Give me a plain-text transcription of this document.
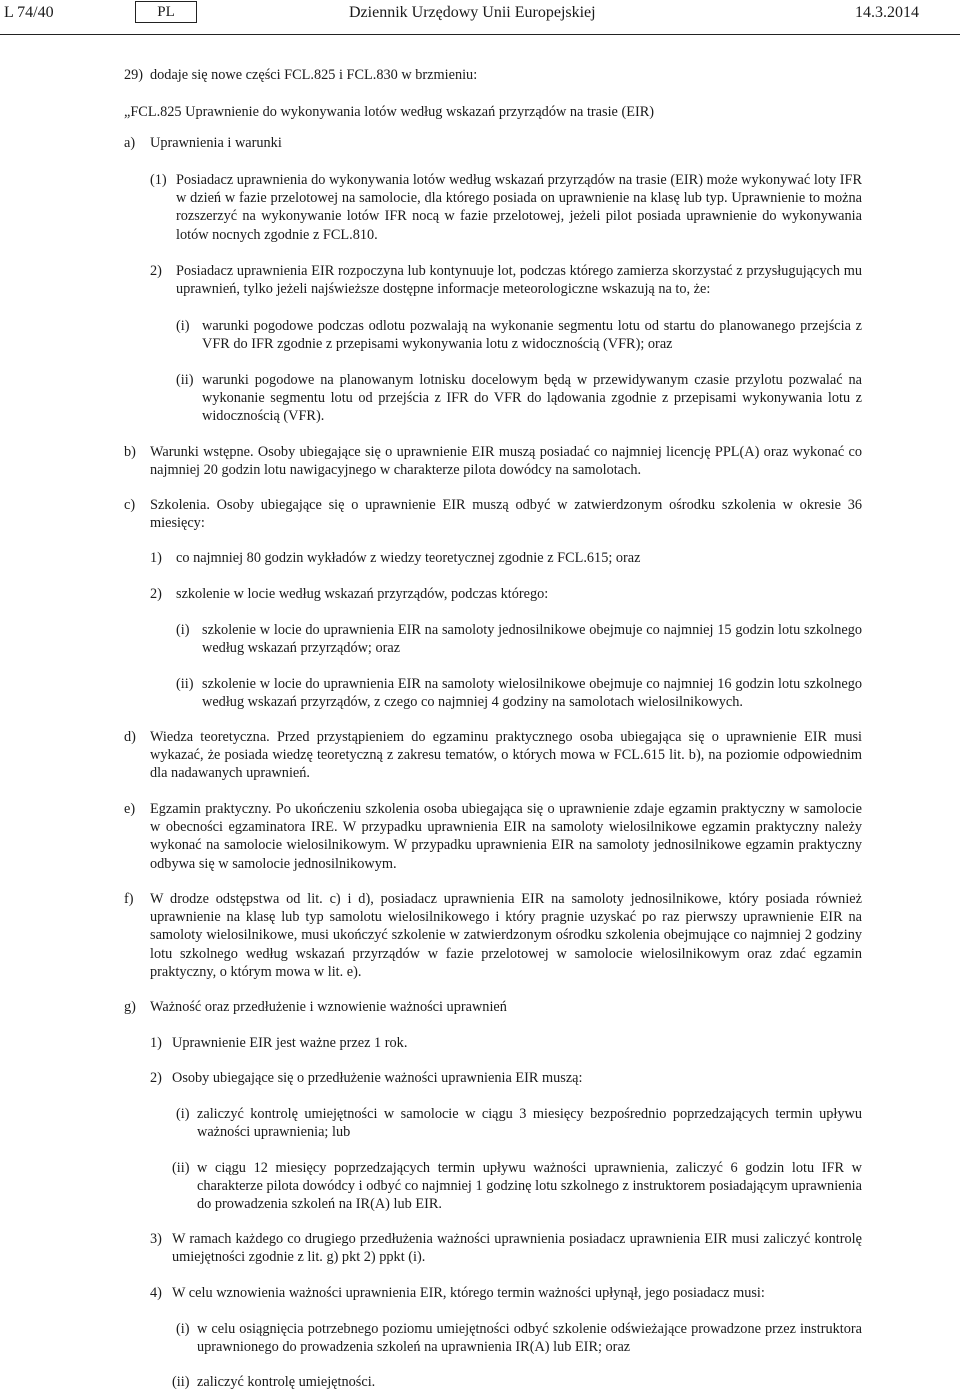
L 74/40	PL	Dziennik Urzędowy Unii Europejskiej	14.3.2014
29) dodaje się nowe części FCL.825 i FCL.830 w brzmieniu:
„FCL.825 Uprawnienie do wykonywania lotów według wskazań przyrządów na trasie (EIR)
a) Uprawnienia i warunki
(1) Posiadacz uprawnienia do wykonywania lotów według wskazań przyrządów na trasie (EIR) może wykonywać loty IFR w dzień w fazie przelotowej na samolocie, dla którego posiada on uprawnienie na klasę lub typ. Uprawnienie to można rozszerzyć na wykonywanie lotów IFR nocą w fazie przelotowej, jeżeli pilot posiada uprawnienie do wykonywania lotów nocnych zgodnie z FCL.810.
2) Posiadacz uprawnienia EIR rozpoczyna lub kontynuuje lot, podczas którego zamierza skorzystać z przysługujących mu uprawnień, tylko jeżeli najświeższe dostępne informacje meteorologiczne wskazują na to, że:
(i) warunki pogodowe podczas odlotu pozwalają na wykonanie segmentu lotu od startu do planowanego przejścia z VFR do IFR zgodnie z przepisami wykonywania lotu z widocznością (VFR); oraz
(ii) warunki pogodowe na planowanym lotnisku docelowym będą w przewidywanym czasie przylotu pozwalać na wykonanie segmentu lotu od przejścia z IFR do VFR do lądowania zgodnie z przepisami wykonywania lotu z widocznością (VFR).
b) Warunki wstępne. Osoby ubiegające się o uprawnienie EIR muszą posiadać co najmniej licencję PPL(A) oraz wykonać co najmniej 20 godzin lotu nawigacyjnego w charakterze pilota dowódcy na samolotach.
c) Szkolenia. Osoby ubiegające się o uprawnienie EIR muszą odbyć w zatwierdzonym ośrodku szkolenia w okresie 36 miesięcy:
1) co najmniej 80 godzin wykładów z wiedzy teoretycznej zgodnie z FCL.615; oraz
2) szkolenie w locie według wskazań przyrządów, podczas którego:
(i) szkolenie w locie do uprawnienia EIR na samoloty jednosilnikowe obejmuje co najmniej 15 godzin lotu szkolnego według wskazań przyrządów; oraz
(ii) szkolenie w locie do uprawnienia EIR na samoloty wielosilnikowe obejmuje co najmniej 16 godzin lotu szkolnego według wskazań przyrządów, z czego co najmniej 4 godziny na samolotach wielosilnikowych.
d) Wiedza teoretyczna. Przed przystąpieniem do egzaminu praktycznego osoba ubiegająca się o uprawnienie EIR musi wykazać, że posiada wiedzę teoretyczną z zakresu tematów, o których mowa w FCL.615 lit. b), na poziomie odpowiednim dla nadawanych uprawnień.
e) Egzamin praktyczny. Po ukończeniu szkolenia osoba ubiegająca się o uprawnienie zdaje egzamin praktyczny w samolocie w obecności egzaminatora IRE. W przypadku uprawnienia EIR na samoloty wielosilnikowe egzamin praktyczny należy wykonać na samolocie wielosilnikowym. W przypadku uprawnienia EIR na samoloty jednosilnikowe egzamin praktyczny odbywa się w samolocie jednosilnikowym.
f) W drodze odstępstwa od lit. c) i d), posiadacz uprawnienia EIR na samoloty jednosilnikowe, który posiada również uprawnienie na klasę lub typ samolotu wielosilnikowego i który pragnie uzyskać po raz pierwszy uprawnienie EIR na samoloty wielosilnikowe, musi ukończyć szkolenie w zatwierdzonym ośrodku szkolenia obejmujące co najmniej 2 godziny lotu szkolnego według wskazań przyrządów w fazie przelotowej w samolocie wielosilnikowym oraz zdać egzamin praktyczny, o którym mowa w lit. e).
g) Ważność oraz przedłużenie i wznowienie ważności uprawnień
1) Uprawnienie EIR jest ważne przez 1 rok.
2) Osoby ubiegające się o przedłużenie ważności uprawnienia EIR muszą:
(i) zaliczyć kontrolę umiejętności w samolocie w ciągu 3 miesięcy bezpośrednio poprzedzających termin upływu ważności uprawnienia; lub
(ii) w ciągu 12 miesięcy poprzedzających termin upływu ważności uprawnienia, zaliczyć 6 godzin lotu IFR w charakterze pilota dowódcy i odbyć co najmniej 1 godzinę lotu szkolnego z instruktorem posiadającym uprawnienia do prowadzenia szkoleń na IR(A) lub EIR.
3) W ramach każdego co drugiego przedłużenia ważności uprawnienia posiadacz uprawnienia EIR musi zaliczyć kontrolę umiejętności zgodnie z lit. g) pkt 2) ppkt (i).
4) W celu wznowienia ważności uprawnienia EIR, którego termin ważności upłynął, jego posiadacz musi:
(i) w celu osiągnięcia potrzebnego poziomu umiejętności odbyć szkolenie odświeżające prowadzone przez instruktora uprawnionego do prowadzenia szkoleń na uprawnienia IR(A) lub EIR; oraz
(ii) zaliczyć kontrolę umiejętności.
